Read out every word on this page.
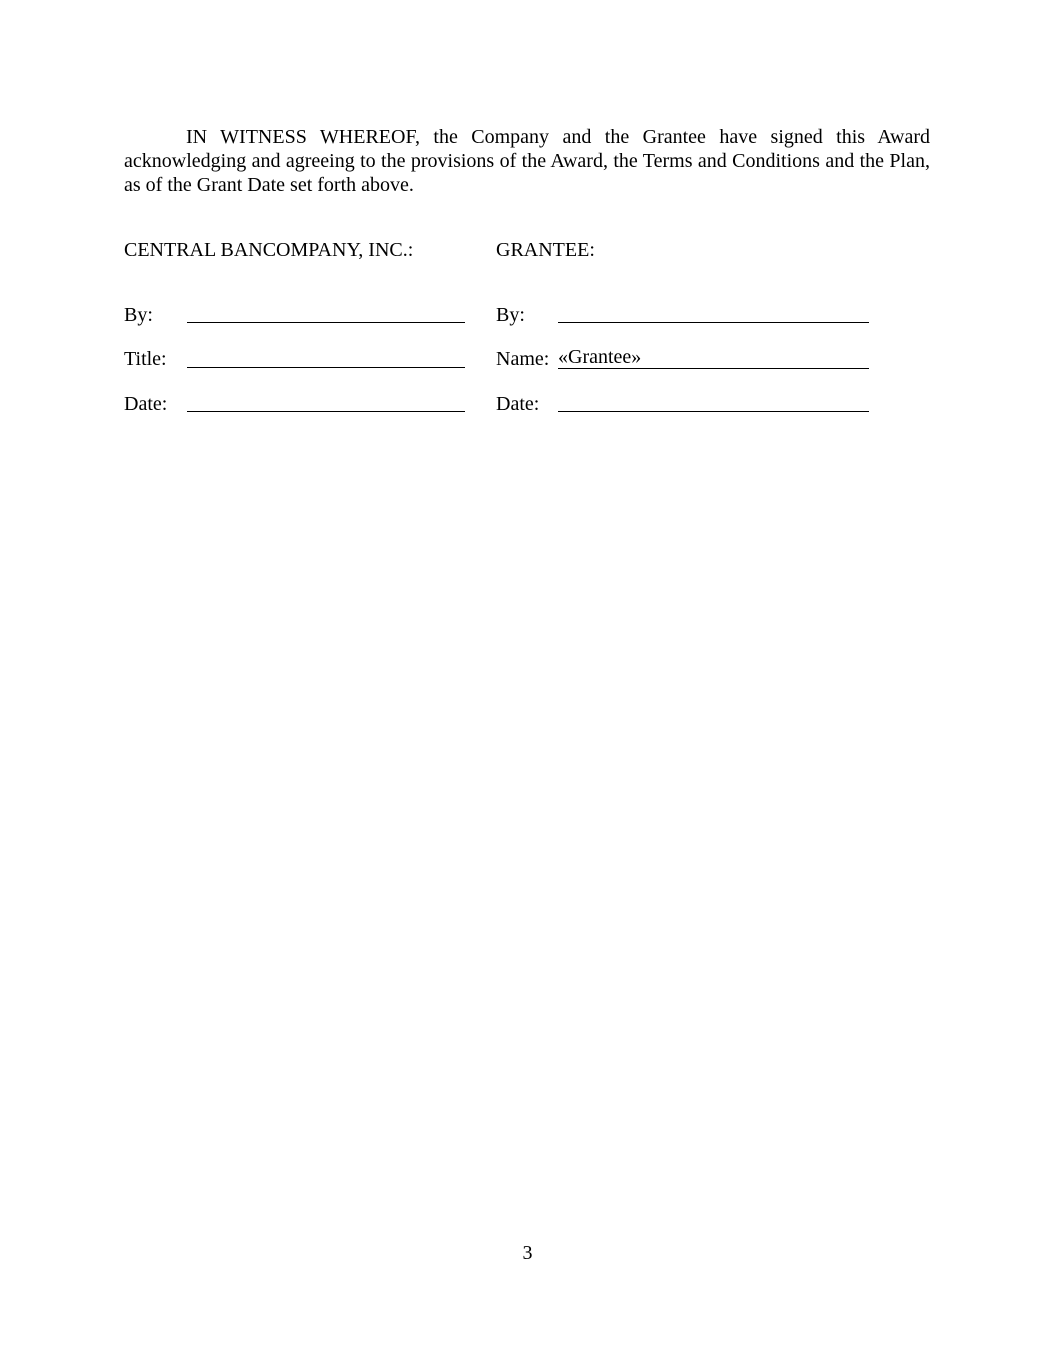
IN WITNESS WHEREOF, the Company and the Grantee have signed this Award acknowledging and agreeing to the provisions of the Award, the Terms and Conditions and the Plan, as of the Grant Date set forth above.

CENTRAL BANCOMPANY, INC.:	GRANTEE:

By:

Title:

Date:

By:

Name: «Grantee»

Date:

3
